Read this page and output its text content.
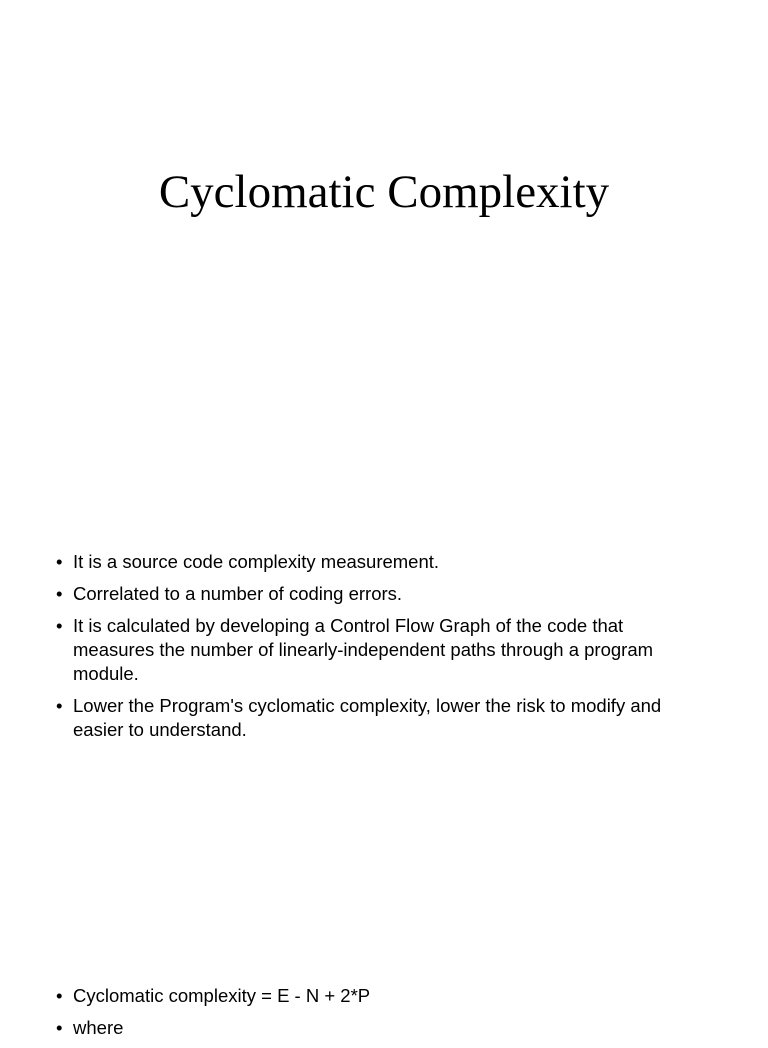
Cyclomatic Complexity
• It is a source code complexity measurement.
• Correlated to a number of coding errors.
• It is calculated by developing a Control Flow Graph of the code that measures the number of linearly-independent paths through a program module.
• Lower the Program's cyclomatic complexity, lower the risk to modify and easier to understand.
• Cyclomatic complexity = E - N + 2*P
• where
